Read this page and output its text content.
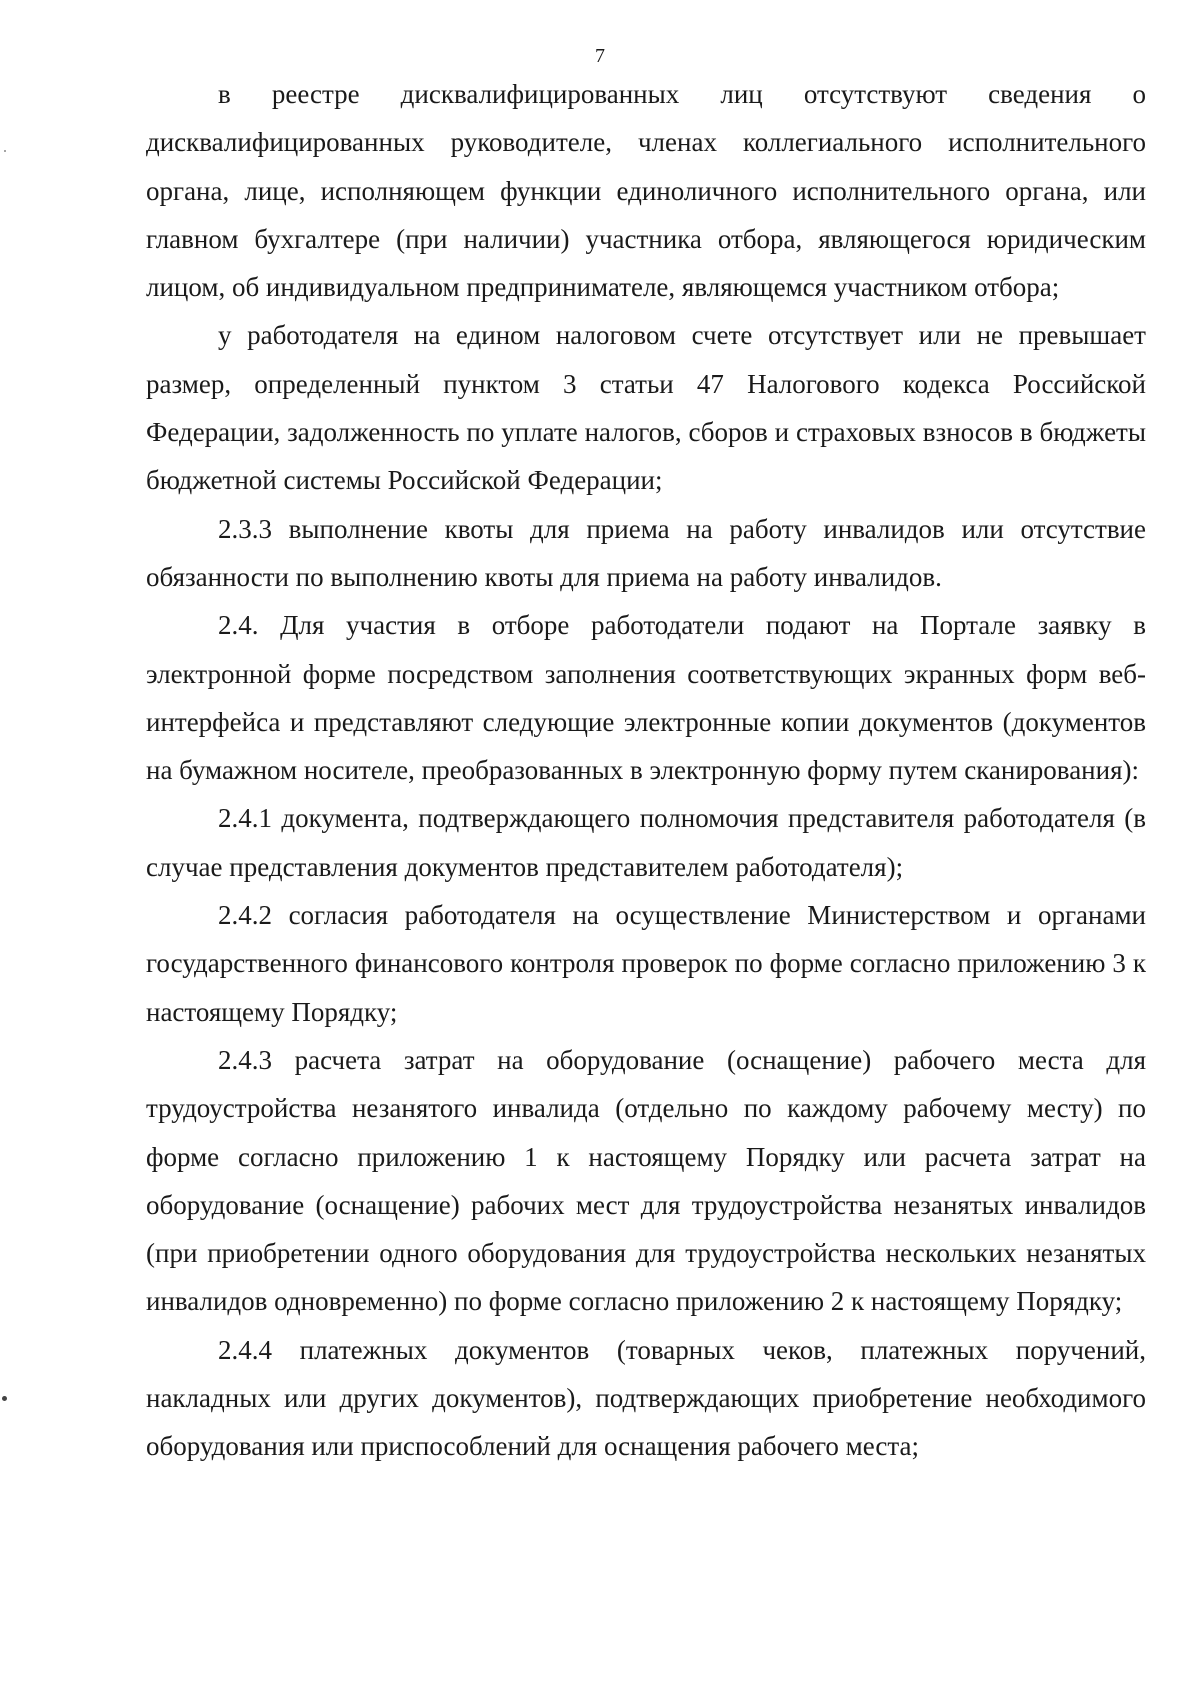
7

в реестре дисквалифицированных лиц отсутствуют сведения о дисквалифицированных руководителе, членах коллегиального исполнительного органа, лице, исполняющем функции единоличного исполнительного органа, или главном бухгалтере (при наличии) участника отбора, являющегося юридическим лицом, об индивидуальном предпринимателе, являющемся участником отбора;

у работодателя на едином налоговом счете отсутствует или не превышает размер, определенный пунктом 3 статьи 47 Налогового кодекса Российской Федерации, задолженность по уплате налогов, сборов и страховых взносов в бюджеты бюджетной системы Российской Федерации;

2.3.3 выполнение квоты для приема на работу инвалидов или отсутствие обязанности по выполнению квоты для приема на работу инвалидов.

2.4. Для участия в отборе работодатели подают на Портале заявку в электронной форме посредством заполнения соответствующих экранных форм веб-интерфейса и представляют следующие электронные копии документов (документов на бумажном носителе, преобразованных в электронную форму путем сканирования):

2.4.1 документа, подтверждающего полномочия представителя работодателя (в случае представления документов представителем работодателя);

2.4.2 согласия работодателя на осуществление Министерством и органами государственного финансового контроля проверок по форме согласно приложению 3 к настоящему Порядку;

2.4.3 расчета затрат на оборудование (оснащение) рабочего места для трудоустройства незанятого инвалида (отдельно по каждому рабочему месту) по форме согласно приложению 1 к настоящему Порядку или расчета затрат на оборудование (оснащение) рабочих мест для трудоустройства незанятых инвалидов (при приобретении одного оборудования для трудоустройства нескольких незанятых инвалидов одновременно) по форме согласно приложению 2 к настоящему Порядку;

2.4.4 платежных документов (товарных чеков, платежных поручений, накладных или других документов), подтверждающих приобретение необходимого оборудования или приспособлений для оснащения рабочего места;
